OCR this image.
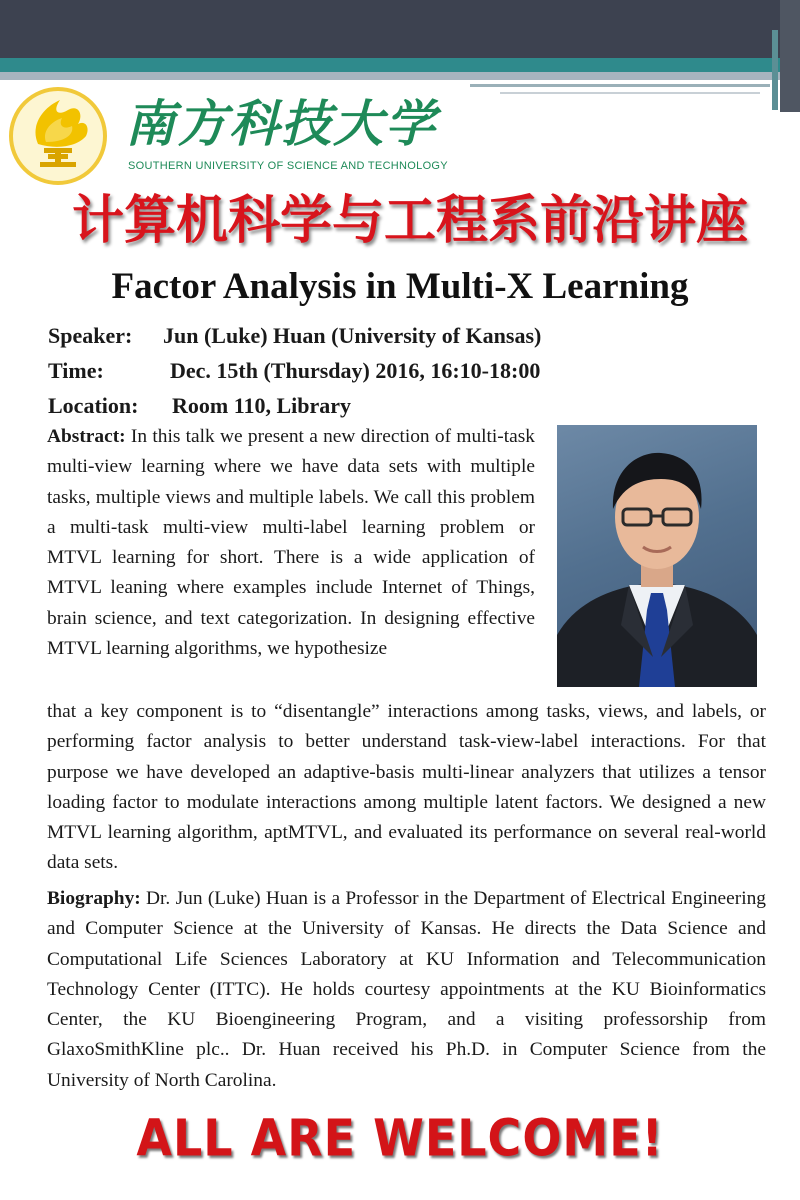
南方科技大学
SOUTHERN UNIVERSITY OF SCIENCE AND TECHNOLOGY
计算机科学与工程系前沿讲座
Factor Analysis in Multi-X Learning
Speaker: Jun (Luke) Huan (University of Kansas)
Time:	Dec. 15th (Thursday) 2016, 16:10-18:00
Location: Room 110, Library
Abstract: In this talk we present a new direction of multi-task multi-view learning where we have data sets with multiple tasks, multiple views and multiple labels. We call this problem a multi-task multi-view multi-label learning problem or MTVL learning for short. There is a wide application of MTVL leaning where examples include Internet of Things, brain science, and text categorization. In designing effective MTVL learning algorithms, we hypothesize
that a key component is to “disentangle” interactions among tasks, views, and labels, or performing factor analysis to better understand task-view-label interactions. For that purpose we have developed an adaptive-basis multi-linear analyzers that utilizes a tensor loading factor to modulate interactions among multiple latent factors. We designed a new MTVL learning algorithm, aptMTVL, and evaluated its performance on several real-world data sets.
Biography: Dr. Jun (Luke) Huan is a Professor in the Department of Electrical Engineering and Computer Science at the University of Kansas. He directs the Data Science and Computational Life Sciences Laboratory at KU Information and Telecommunication Technology Center (ITTC). He holds courtesy appointments at the KU Bioinformatics Center, the KU Bioengineering Program, and a visiting professorship from GlaxoSmithKline plc.. Dr. Huan received his Ph.D. in Computer Science from the University of North Carolina.
ALL ARE WELCOME!
